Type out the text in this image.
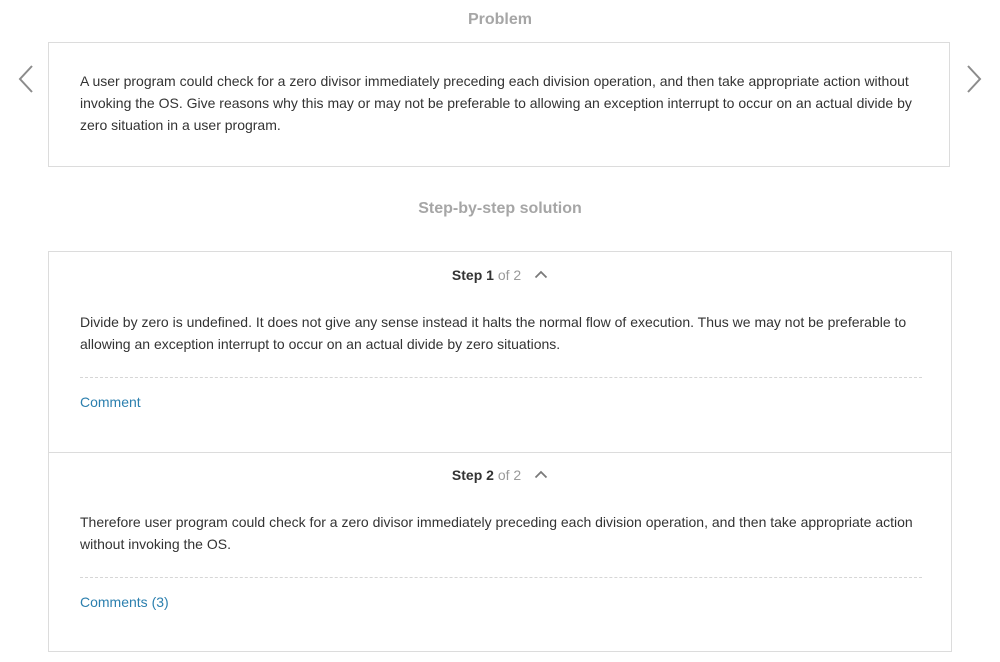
Problem

A user program could check for a zero divisor immediately preceding each division operation, and then take appropriate action without invoking the OS. Give reasons why this may or may not be preferable to allowing an exception interrupt to occur on an actual divide by zero situation in a user program.

Step-by-step solution
Step 1 of 2

Divide by zero is undefined. It does not give any sense instead it halts the normal flow of execution. Thus we may not be preferable to allowing an exception interrupt to occur on an actual divide by zero situations.

Comment
Step 2 of 2

Therefore user program could check for a zero divisor immediately preceding each division operation, and then take appropriate action without invoking the OS.

Comments (3)
